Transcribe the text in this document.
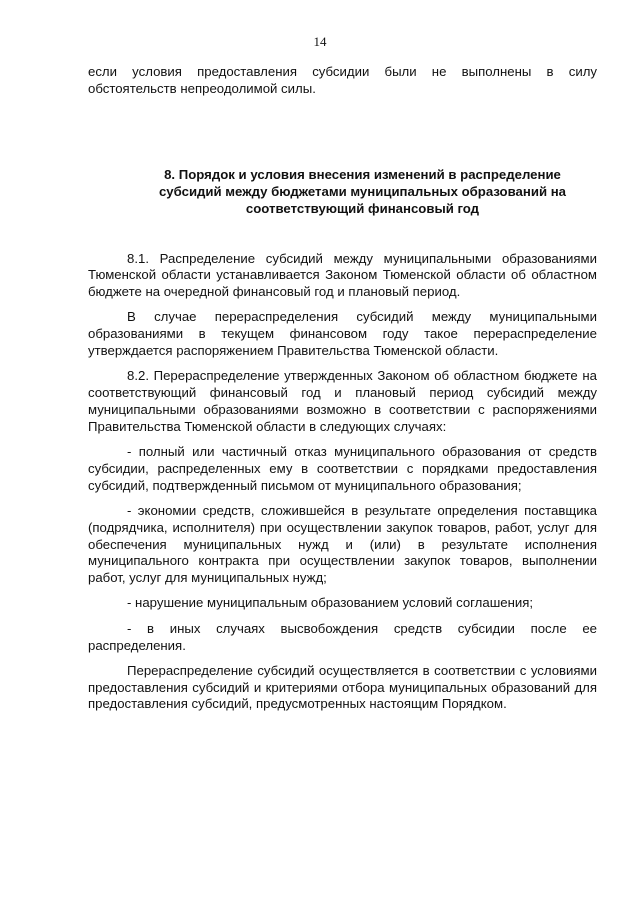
14

если условия предоставления субсидии были не выполнены в силу обстоятельств непреодолимой силы.

8. Порядок и условия внесения изменений в распределение
субсидий между бюджетами муниципальных образований на
соответствующий финансовый год

8.1. Распределение субсидий между муниципальными образованиями Тюменской области устанавливается Законом Тюменской области об областном бюджете на очередной финансовый год и плановый период.

В случае перераспределения субсидий между муниципальными образованиями в текущем финансовом году такое перераспределение утверждается распоряжением Правительства Тюменской области.

8.2. Перераспределение утвержденных Законом об областном бюджете на соответствующий финансовый год и плановый период субсидий между муниципальными образованиями возможно в соответствии с распоряжениями Правительства Тюменской области в следующих случаях:

- полный или частичный отказ муниципального образования от средств субсидии, распределенных ему в соответствии с порядками предоставления субсидий, подтвержденный письмом от муниципального образования;

- экономии средств, сложившейся в результате определения поставщика (подрядчика, исполнителя) при осуществлении закупок товаров, работ, услуг для обеспечения муниципальных нужд и (или) в результате исполнения муниципального контракта при осуществлении закупок товаров, выполнении работ, услуг для муниципальных нужд;

- нарушение муниципальным образованием условий соглашения;

- в иных случаях высвобождения средств субсидии после ее распределения.

Перераспределение субсидий осуществляется в соответствии с условиями предоставления субсидий и критериями отбора муниципальных образований для предоставления субсидий, предусмотренных настоящим Порядком.
